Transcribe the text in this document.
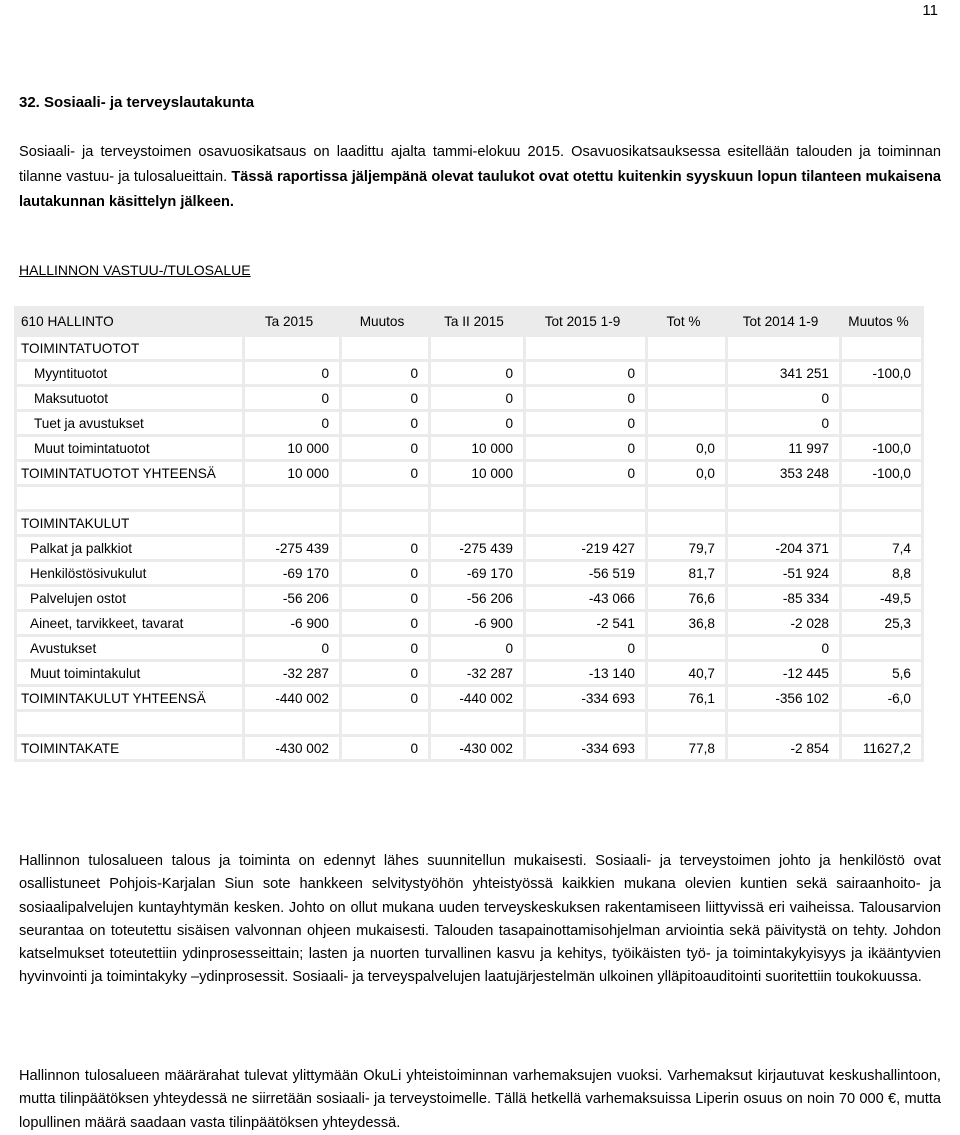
11
32. Sosiaali- ja terveyslautakunta
Sosiaali- ja terveystoimen osavuosikatsaus on laadittu ajalta tammi-elokuu 2015. Osavuosikatsauksessa esitellään talouden ja toiminnan tilanne vastuu- ja tulosalueittain. Tässä raportissa jäljempänä olevat taulukot ovat otettu kuitenkin syyskuun lopun tilanteen mukaisena lautakunnan käsittelyn jälkeen.
HALLINNON VASTUU-/TULOSALUE
610 HALLINTO	Ta 2015	Muutos	Ta II 2015	Tot 2015 1-9	Tot %	Tot 2014 1-9	Muutos %
TOIMINTATUOTOT							
Myyntituotot	0	0	0	0		341 251	-100,0
Maksutuotot	0	0	0	0		0	
Tuet ja avustukset	0	0	0	0		0	
Muut toimintatuotot	10 000	0	10 000	0	0,0	11 997	-100,0
TOIMINTATUOTOT YHTEENSÄ	10 000	0	10 000	0	0,0	353 248	-100,0

TOIMINTAKULUT							
Palkat ja palkkiot	-275 439	0	-275 439	-219 427	79,7	-204 371	7,4
Henkilöstösivukulut	-69 170	0	-69 170	-56 519	81,7	-51 924	8,8
Palvelujen ostot	-56 206	0	-56 206	-43 066	76,6	-85 334	-49,5
Aineet, tarvikkeet, tavarat	-6 900	0	-6 900	-2 541	36,8	-2 028	25,3
Avustukset	0	0	0	0		0	
Muut toimintakulut	-32 287	0	-32 287	-13 140	40,7	-12 445	5,6
TOIMINTAKULUT YHTEENSÄ	-440 002	0	-440 002	-334 693	76,1	-356 102	-6,0

TOIMINTAKATE	-430 002	0	-430 002	-334 693	77,8	-2 854	11627,2
Hallinnon tulosalueen talous ja toiminta on edennyt lähes suunnitellun mukaisesti. Sosiaali- ja terveystoimen johto ja henkilöstö ovat osallistuneet Pohjois-Karjalan Siun sote hankkeen selvitystyöhön yhteistyössä kaikkien mukana olevien kuntien sekä sairaanhoito- ja sosiaalipalvelujen kuntayhtymän kesken. Johto on ollut mukana uuden terveyskeskuksen rakentamiseen liittyvissä eri vaiheissa. Talousarvion seurantaa on toteutettu sisäisen valvonnan ohjeen mukaisesti. Talouden tasapainottamisohjelman arviointia sekä päivitystä on tehty. Johdon katselmukset toteutettiin ydinprosesseittain; lasten ja nuorten turvallinen kasvu ja kehitys, työikäisten työ- ja toimintakykyisyys ja ikääntyvien hyvinvointi ja toimintakyky –ydinprosessit. Sosiaali- ja terveyspalvelujen laatujärjestelmän ulkoinen ylläpitoauditointi suoritettiin toukokuussa.
Hallinnon tulosalueen määrärahat tulevat ylittymään OkuLi yhteistoiminnan varhemaksujen vuoksi. Varhemaksut kirjautuvat keskushallintoon, mutta tilinpäätöksen yhteydessä ne siirretään sosiaali- ja terveystoimelle. Tällä hetkellä varhemaksuissa Liperin osuus on noin 70 000 €, mutta lopullinen määrä saadaan vasta tilinpäätöksen yhteydessä.
